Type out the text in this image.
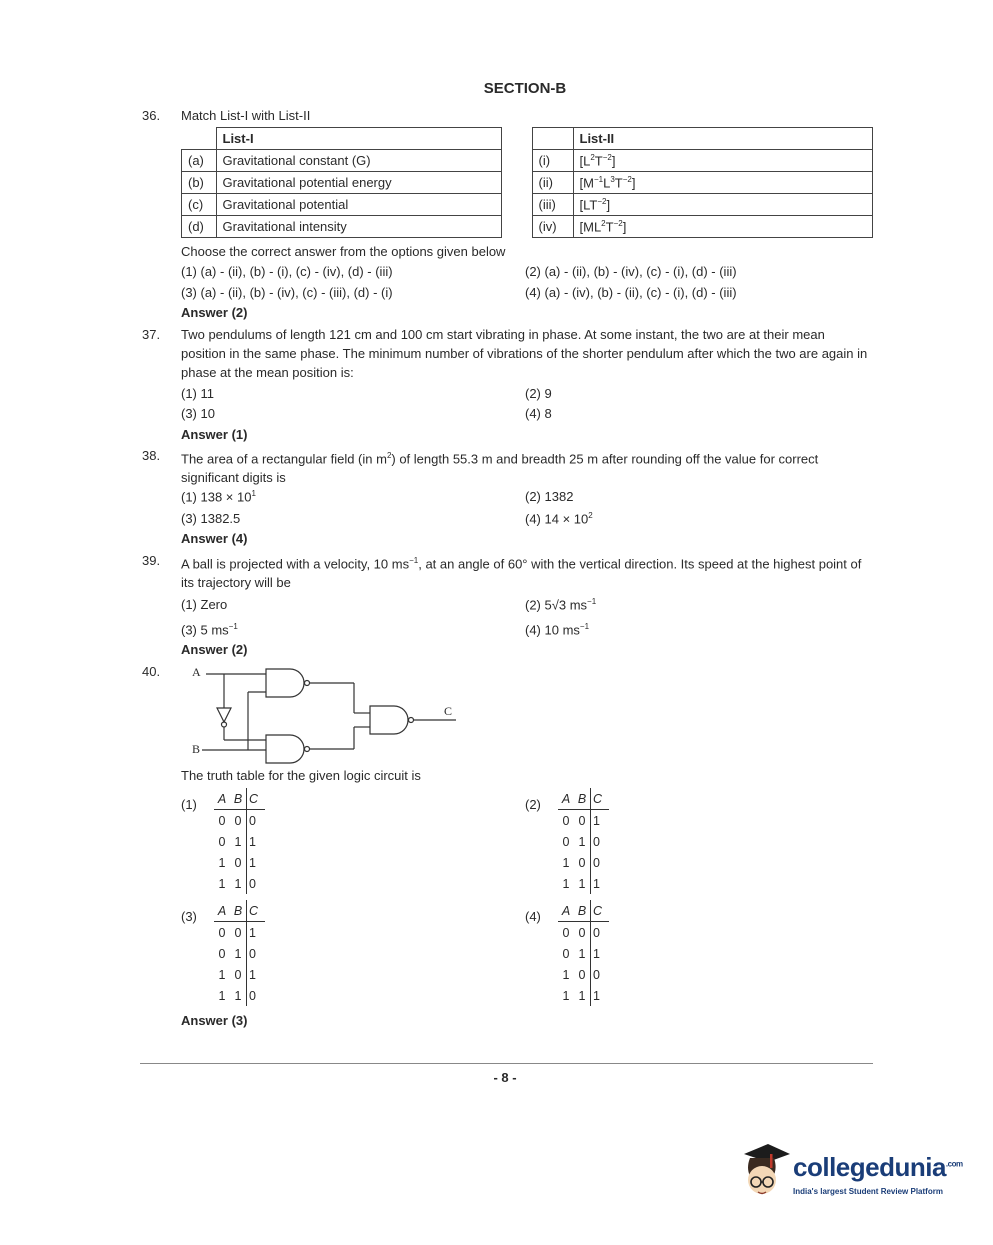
SECTION-B
36. Match List-I with List-II
	List-I			List-II
(a)	Gravitational constant (G)		(i)	$[L^2T^{-2}]$
(b)	Gravitational potential energy		(ii)	$[M^{-1}L^3T^{-2}]$
(c)	Gravitational potential		(iii)	$[LT^{-2}]$
(d)	Gravitational intensity		(iv)	$[ML^2T^{-2}]$
Choose the correct answer from the options given below
(1) (a) - (ii), (b) - (i), (c) - (iv), (d) - (iii)	(2) (a) - (ii), (b) - (iv), (c) - (i), (d) - (iii)
(3) (a) - (ii), (b) - (iv), (c) - (iii), (d) - (i)	(4) (a) - (iv), (b) - (ii), (c) - (i), (d) - (iii)
Answer (2)
37. Two pendulums of length 121 cm and 100 cm start vibrating in phase. At some instant, the two are at their mean position in the same phase. The minimum number of vibrations of the shorter pendulum after which the two are again in phase at the mean position is:
(1) 11	(2) 9
(3) 10	(4) 8
Answer (1)
38. The area of a rectangular field (in $m^2$) of length 55.3 m and breadth 25 m after rounding off the value for correct significant digits is
(1) $138 \times 10^1$	(2) 1382
(3) 1382.5	(4) $14 \times 10^2$
Answer (4)
39. A ball is projected with a velocity, 10 $ms^{-1}$, at an angle of 60° with the vertical direction. Its speed at the highest point of its trajectory will be
(1) Zero	(2) 5√3 $ms^{-1}$
(3) 5 $ms^{-1}$	(4) 10 $ms^{-1}$
Answer (2)
40.	A
B
C
The truth table for the given logic circuit is
(1)	(2)
(3)	(4)
A	B	C
0	0	0
0	1	1
1	0	1
1	1	0
A	B	C
0	0	1
0	1	0
1	0	0
1	1	1
A	B	C
0	0	1
0	1	0
1	0	1
1	1	0
A	B	C
0	0	0
0	1	1
1	0	0
1	1	1
Answer (3)
- 8 -
collegedunia$^{.com}$
India's largest Student Review Platform
